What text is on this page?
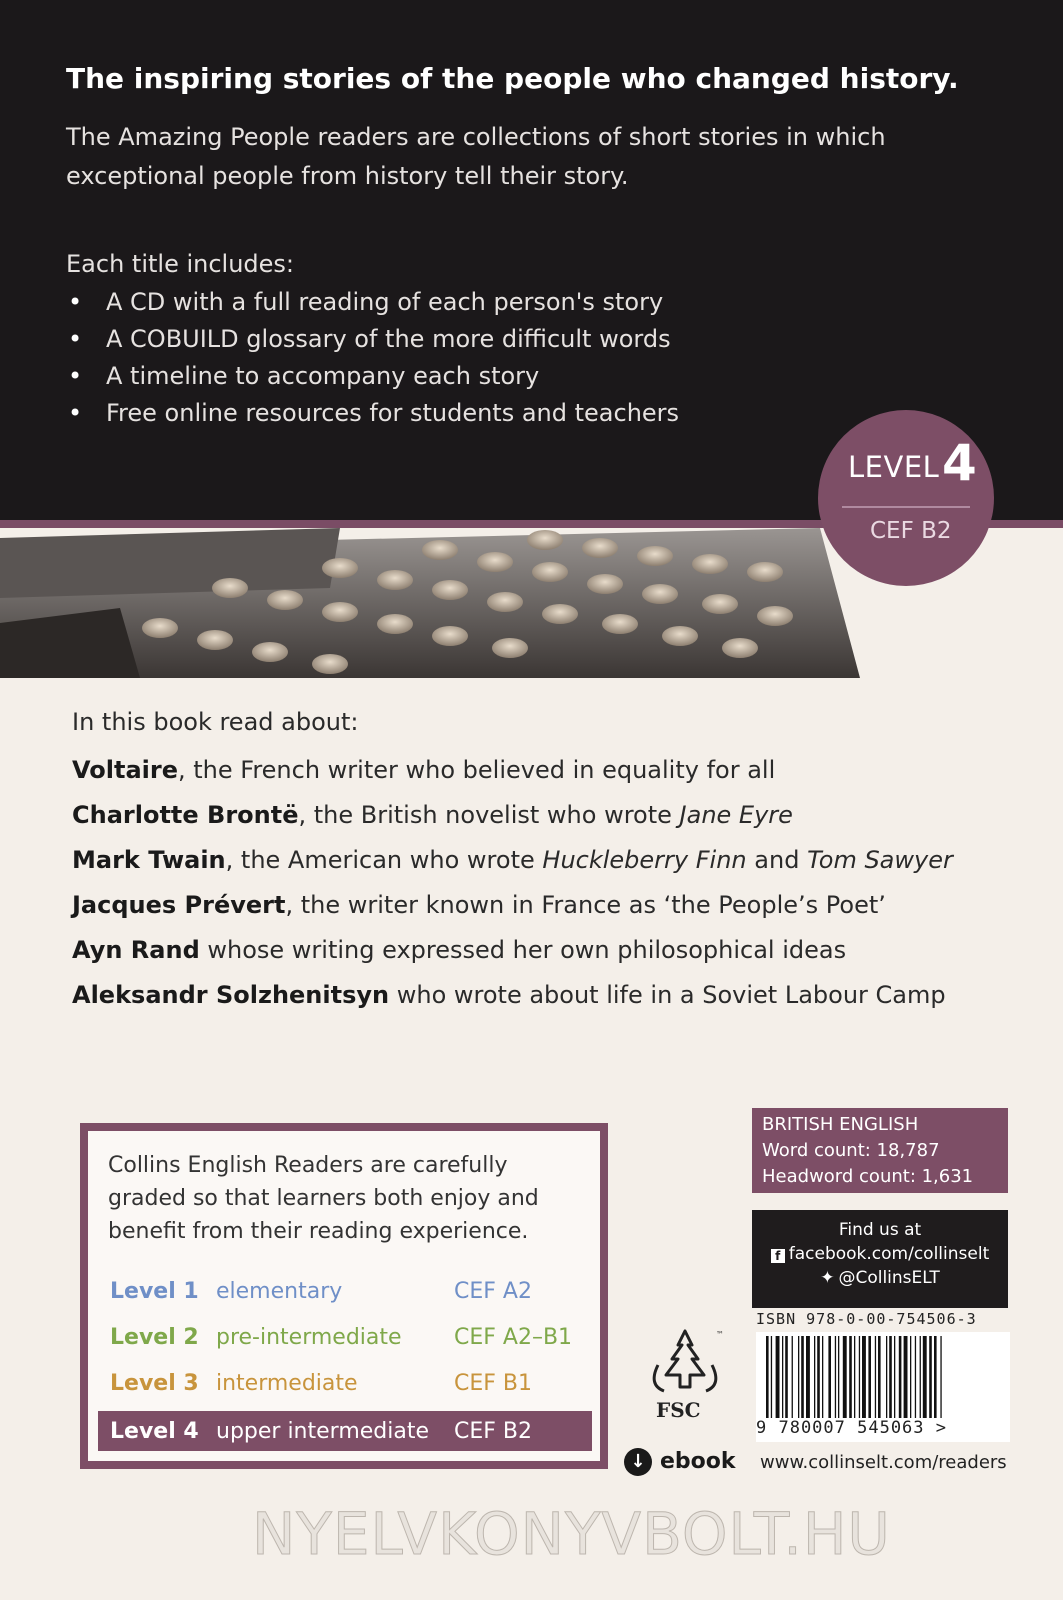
The inspiring stories of the people who changed history.
The Amazing People readers are collections of short stories in which exceptional people from history tell their story.
Each title includes:
• A CD with a full reading of each person's story
• A COBUILD glossary of the more difficult words
• A timeline to accompany each story
• Free online resources for students and teachers
LEVEL 4
CEF B2
In this book read about:
Voltaire, the French writer who believed in equality for all
Charlotte Brontë, the British novelist who wrote Jane Eyre
Mark Twain, the American who wrote Huckleberry Finn and Tom Sawyer
Jacques Prévert, the writer known in France as ‘the People’s Poet’
Ayn Rand whose writing expressed her own philosophical ideas
Aleksandr Solzhenitsyn who wrote about life in a Soviet Labour Camp
Collins English Readers are carefully graded so that learners both enjoy and benefit from their reading experience.
Level 1 elementary	CEF A2
Level 2 pre-intermediate CEF A2–B1
Level 3 intermediate	CEF B1
Level 4 upper intermediate CEF B2
™
FSC
↓ ebook
BRITISH ENGLISH
Word count: 18,787
Headword count: 1,631
Find us at
f facebook.com/collinselt
✦ @CollinsELT
ISBN 978-0-00-754506-3
9 780007 545063 >
www.collinselt.com/readers
NYELVKONYVBOLT.HU
